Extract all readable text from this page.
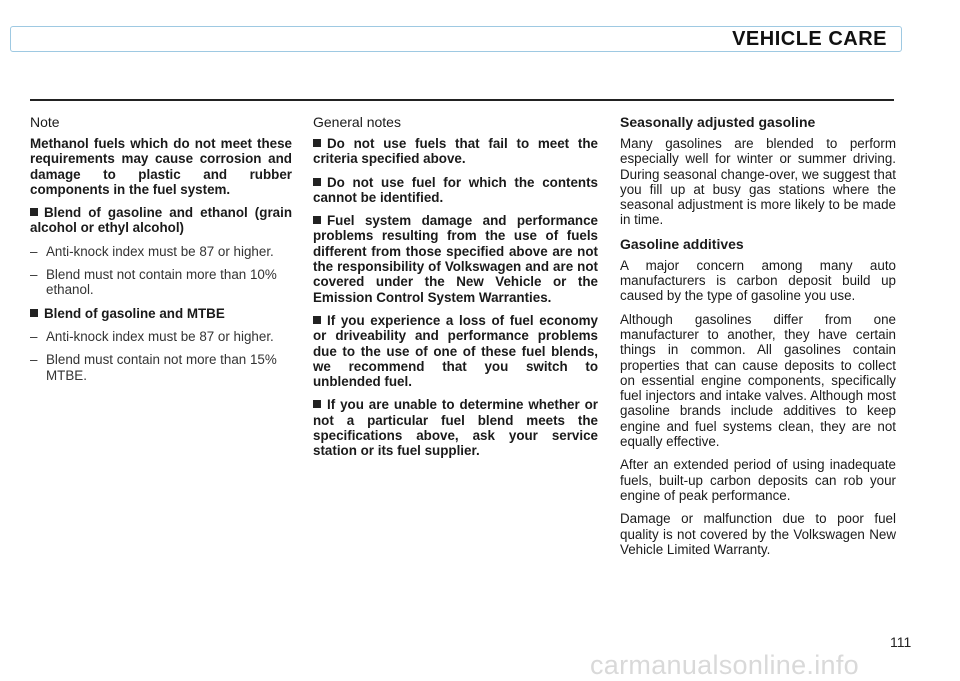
VEHICLE CARE
Note

Methanol fuels which do not meet these requirements may cause corrosion and damage to plastic and rubber components in the fuel system.

Blend of gasoline and ethanol (grain alcohol or ethyl alcohol)
– Anti-knock index must be 87 or higher.
– Blend must not contain more than 10% ethanol.
Blend of gasoline and MTBE
– Anti-knock index must be 87 or higher.
– Blend must contain not more than 15% MTBE.
General notes
Do not use fuels that fail to meet the criteria specified above.
Do not use fuel for which the contents cannot be identified.
Fuel system damage and performance problems resulting from the use of fuels different from those specified above are not the responsibility of Volkswagen and are not covered under the New Vehicle or the Emission Control System Warranties.
If you experience a loss of fuel economy or driveability and performance problems due to the use of one of these fuel blends, we recommend that you switch to unblended fuel.
If you are unable to determine whether or not a particular fuel blend meets the specifications above, ask your service station or its fuel supplier.
Seasonally adjusted gasoline

Many gasolines are blended to perform especially well for winter or summer driving. During seasonal change-over, we suggest that you fill up at busy gas stations where the seasonal adjustment is more likely to be made in time.

Gasoline additives

A major concern among many auto manufacturers is carbon deposit build up caused by the type of gasoline you use.

Although gasolines differ from one manufacturer to another, they have certain things in common. All gasolines contain properties that can cause deposits to collect on essential engine components, specifically fuel injectors and intake valves. Although most gasoline brands include additives to keep engine and fuel systems clean, they are not equally effective.

After an extended period of using inadequate fuels, built-up carbon deposits can rob your engine of peak performance.

Damage or malfunction due to poor fuel quality is not covered by the Volkswagen New Vehicle Limited Warranty.

111
carmanualsonline.info
